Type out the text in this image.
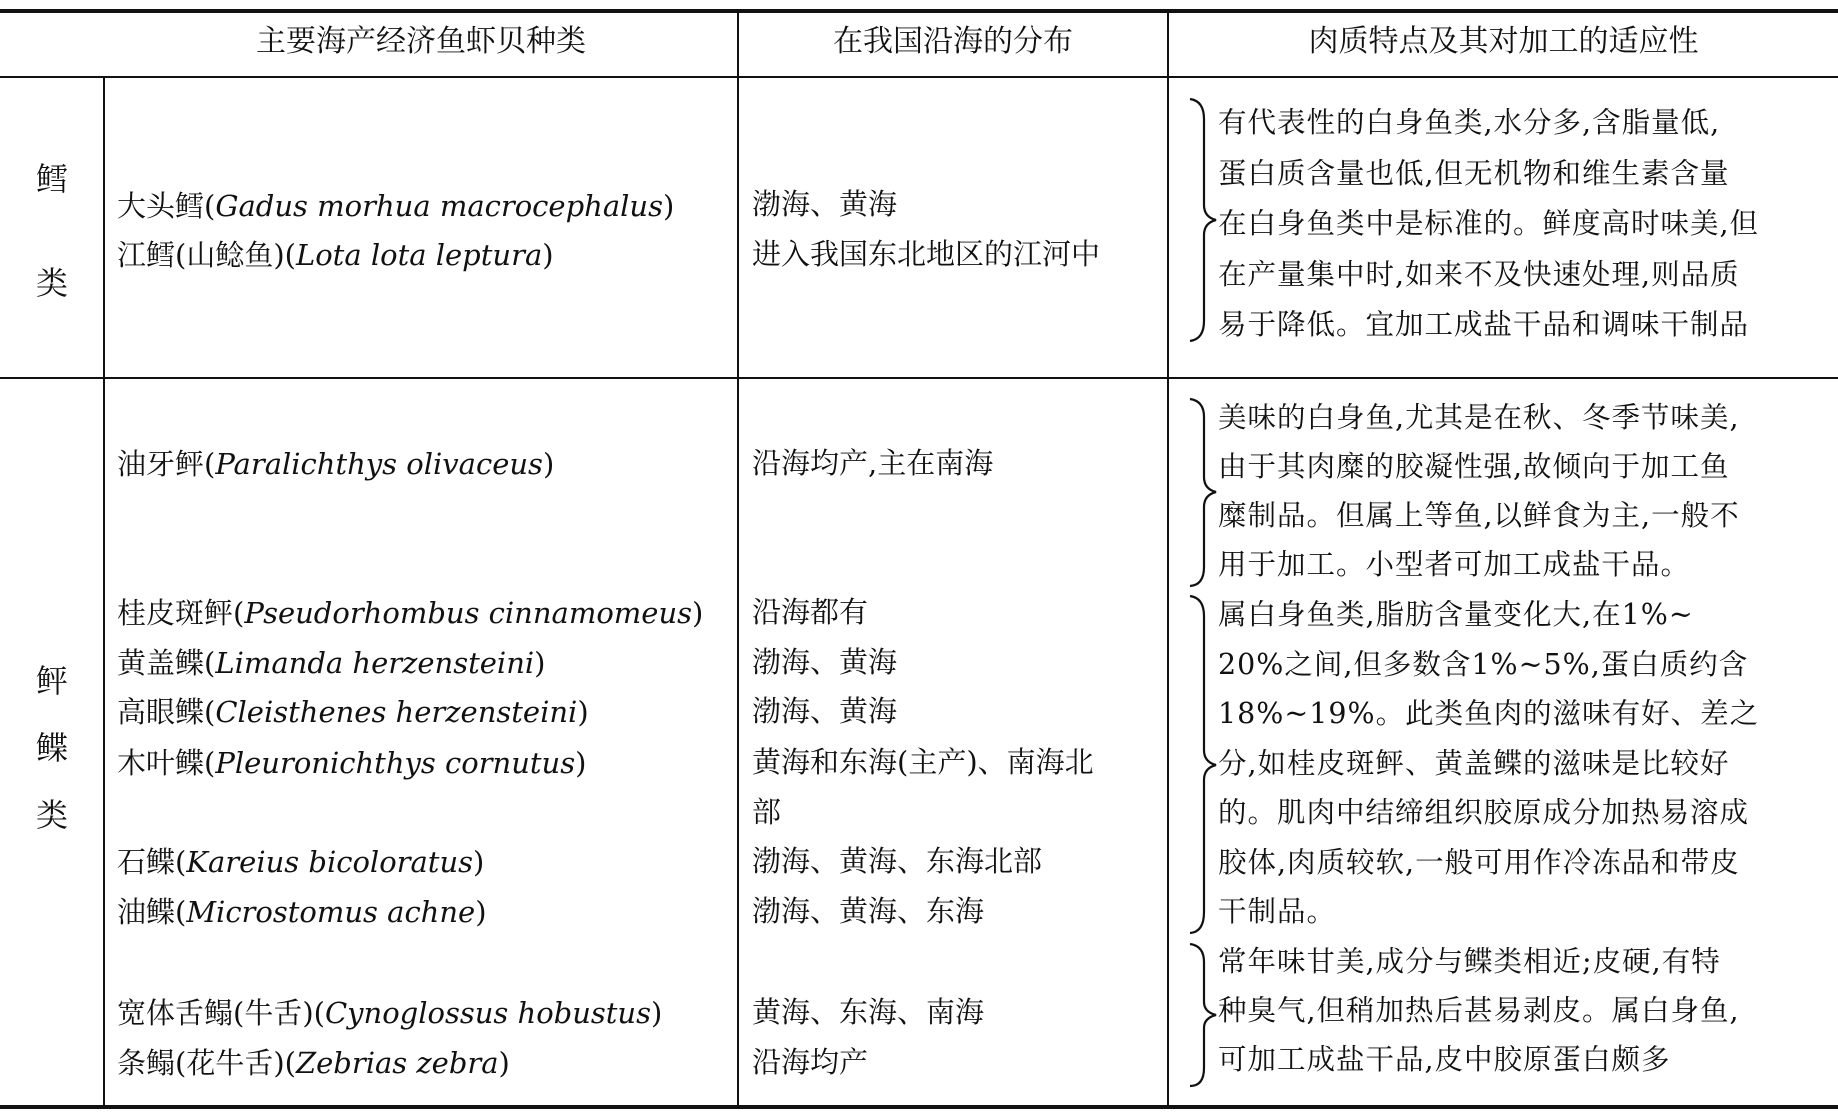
主要海产经济鱼虾贝种类	在我国沿海的分布	肉质特点及其对加工的适应性
鳕
类
鲆
鲽
类
大头鳕(Gadus morhua macrocephalus)
江鳕(山鲶鱼)(Lota lota leptura)
油牙鲆(Paralichthys olivaceus)
桂皮斑鲆(Pseudorhombus cinnamomeus)
黄盖鲽(Limanda herzensteini)
高眼鲽(Cleisthenes herzensteini)
木叶鲽(Pleuronichthys cornutus)
石鲽(Kareius bicoloratus)
油鲽(Microstomus achne)
宽体舌鳎(牛舌)(Cynoglossus hobustus)
条鳎(花牛舌)(Zebrias zebra)
渤海、黄海
进入我国东北地区的江河中
沿海均产,主在南海
沿海都有
渤海、黄海
渤海、黄海
黄海和东海(主产)、南海北
部
渤海、黄海、东海北部
渤海、黄海、东海
黄海、东海、南海
沿海均产
有代表性的白身鱼类,水分多,含脂量低,
蛋白质含量也低,但无机物和维生素含量
在白身鱼类中是标准的。鲜度高时味美,但
在产量集中时,如来不及快速处理,则品质
易于降低。宜加工成盐干品和调味干制品
美味的白身鱼,尤其是在秋、冬季节味美,
由于其肉糜的胶凝性强,故倾向于加工鱼
糜制品。但属上等鱼,以鲜食为主,一般不
用于加工。小型者可加工成盐干品。
属白身鱼类,脂肪含量变化大,在1%~
20%之间,但多数含1%~5%,蛋白质约含
18%~19%。此类鱼肉的滋味有好、差之
分,如桂皮斑鲆、黄盖鲽的滋味是比较好
的。肌肉中结缔组织胶原成分加热易溶成
胶体,肉质较软,一般可用作冷冻品和带皮
干制品。
常年味甘美,成分与鲽类相近;皮硬,有特
种臭气,但稍加热后甚易剥皮。属白身鱼,
可加工成盐干品,皮中胶原蛋白颇多
